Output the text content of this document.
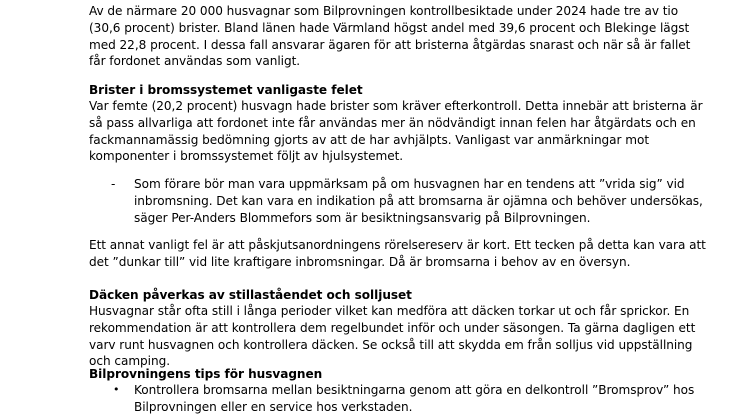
Av de närmare 20 000 husvagnar som Bilprovningen kontrollbesiktade under 2024 hade tre av tio (30,6 procent) brister. Bland länen hade Värmland högst andel med 39,6 procent och Blekinge lägst med 22,8 procent. I dessa fall ansvarar ägaren för att bristerna åtgärdas snarast och när så är fallet får fordonet användas som vanligt.

Brister i bromssystemet vanligaste felet

Var femte (20,2 procent) husvagn hade brister som kräver efterkontroll. Detta innebär att bristerna är så pass allvarliga att fordonet inte får användas mer än nödvändigt innan felen har åtgärdats och en fackmannamässig bedömning gjorts av att de har avhjälpts. Vanligast var anmärkningar mot komponenter i bromssystemet följt av hjulsystemet.

- Som förare bör man vara uppmärksam på om husvagnen har en tendens att ”vrida sig” vid inbromsning. Det kan vara en indikation på att bromsarna är ojämna och behöver undersökas, säger Per-Anders Blommefors som är besiktningsansvarig på Bilprovningen.

Ett annat vanligt fel är att påskjutsanordningens rörelsereserv är kort. Ett tecken på detta kan vara att det ”dunkar till” vid lite kraftigare inbromsningar. Då är bromsarna i behov av en översyn.

Däcken påverkas av stillaståendet och solljuset

Husvagnar står ofta still i långa perioder vilket kan medföra att däcken torkar ut och får sprickor. En rekommendation är att kontrollera dem regelbundet inför och under säsongen. Ta gärna dagligen ett varv runt husvagnen och kontrollera däcken. Se också till att skydda em från solljus vid uppställning och camping.

Bilprovningens tips för husvagnen

• Kontrollera bromsarna mellan besiktningarna genom att göra en delkontroll ”Bromsprov” hos Bilprovningen eller en service hos verkstaden.
